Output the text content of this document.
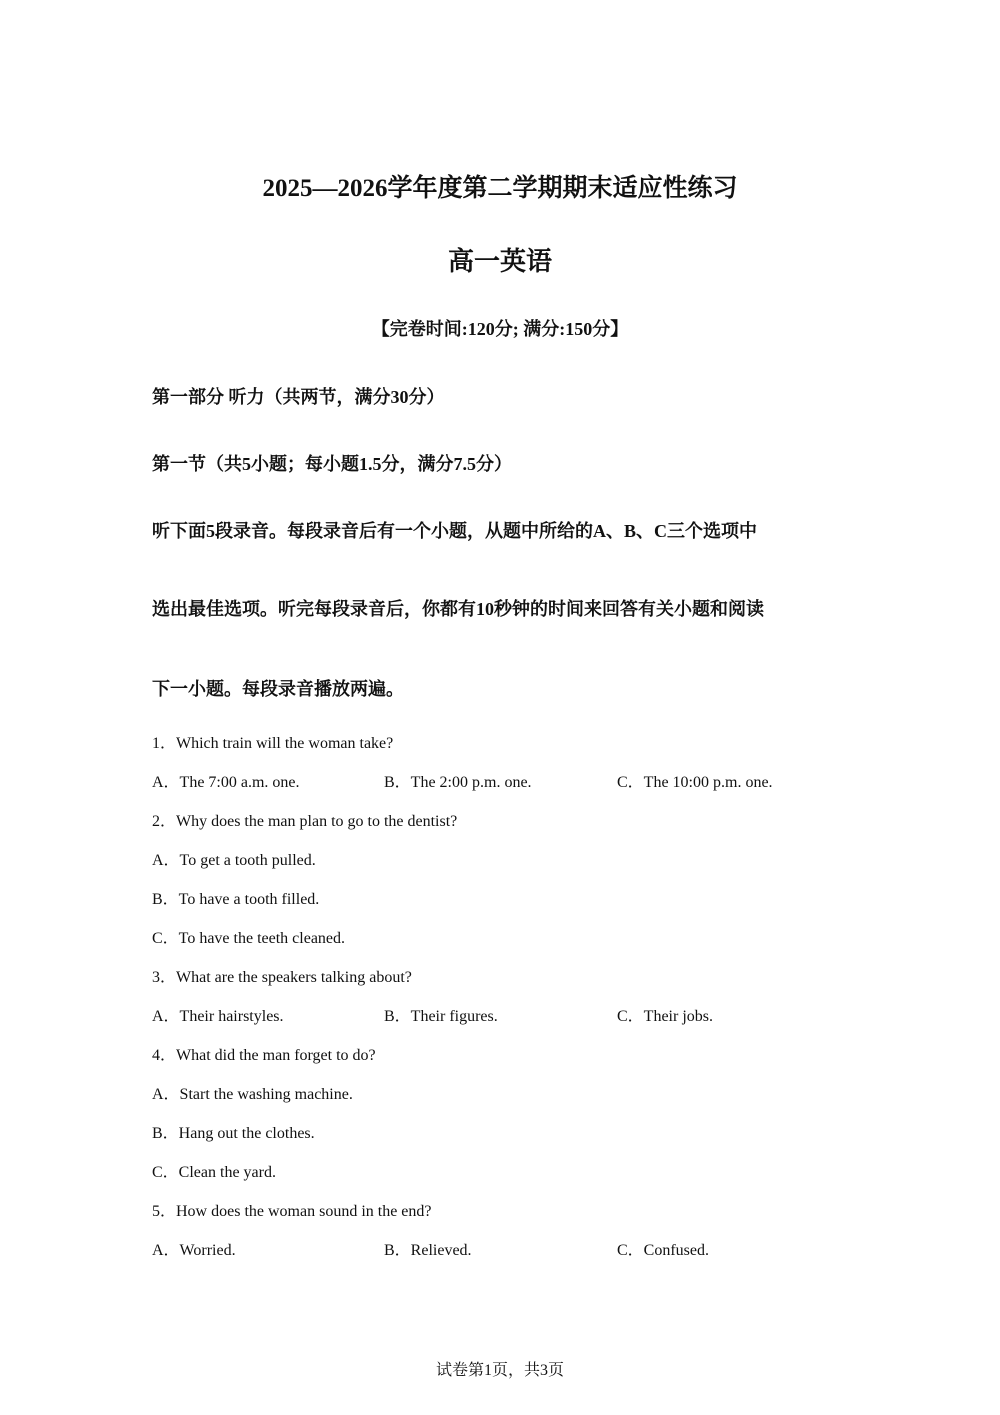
2025—2026学年度第二学期期末适应性练习
高一英语
【完卷时间:120分; 满分:150分】
第一部分 听力（共两节，满分30分）
第一节（共5小题；每小题1.5分，满分7.5分）
听下面5段录音。每段录音后有一个小题，从题中所给的A、B、C三个选项中
选出最佳选项。听完每段录音后，你都有10秒钟的时间来回答有关小题和阅读
下一小题。每段录音播放两遍。
1．Which train will the woman take?
A．The 7:00 a.m. one.	B．The 2:00 p.m. one.	C．The 10:00 p.m. one.
2．Why does the man plan to go to the dentist?
A．To get a tooth pulled.
B．To have a tooth filled.
C．To have the teeth cleaned.
3．What are the speakers talking about?
A．Their hairstyles.	B．Their figures.	C．Their jobs.
4．What did the man forget to do?
A．Start the washing machine.
B．Hang out the clothes.
C．Clean the yard.
5．How does the woman sound in the end?
A．Worried.	B．Relieved.	C．Confused.
试卷第1页，共3页
